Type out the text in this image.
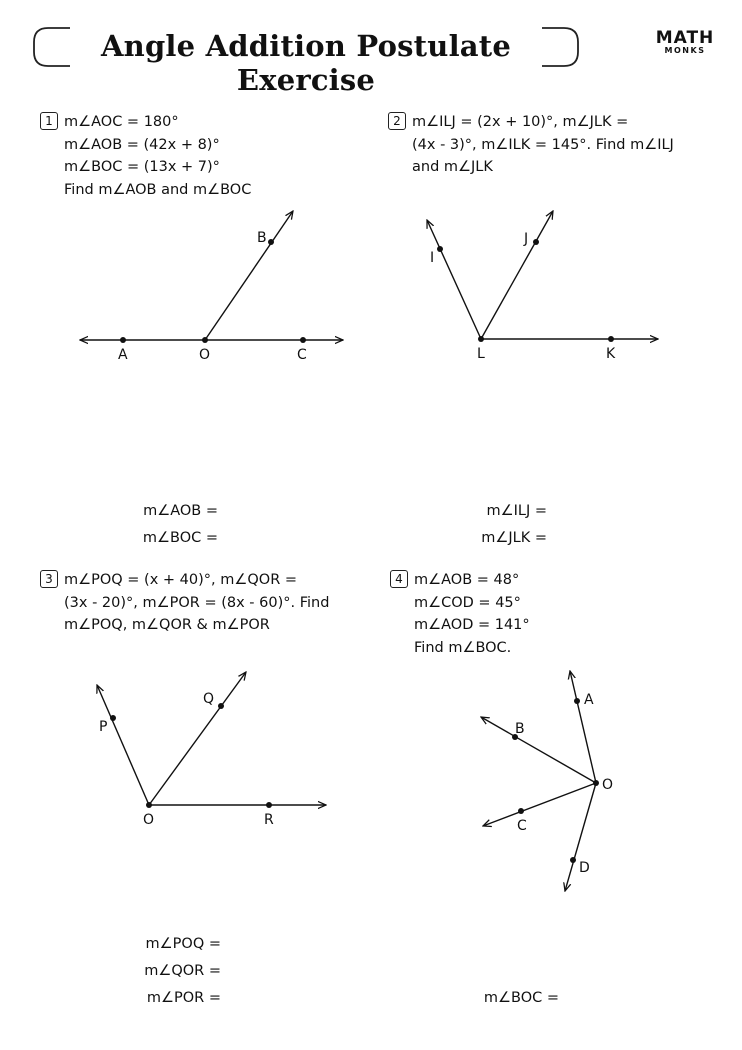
Angle Addition Postulate Exercise
MATH
MONKS
1 m∠AOC = 180°
m∠AOB = (42x + 8)°
m∠BOC = (13x + 7)°
Find m∠AOB and m∠BOC
2 m∠ILJ = (2x + 10)°, m∠JLK =
(4x - 3)°, m∠ILK = 145°. Find m∠ILJ
and m∠JLK
3 m∠POQ = (x + 40)°, m∠QOR =
(3x - 20)°, m∠POR = (8x - 60)°. Find
m∠POQ, m∠QOR & m∠POR
4 m∠AOB = 48°
m∠COD = 45°
m∠AOD = 141°
Find m∠BOC.
m∠AOB =
m∠BOC =
m∠ILJ =
m∠JLK =
m∠POQ =
m∠QOR =
m∠POR =	m∠BOC =
A	O	C
B
L	K
I
J
O	R
P
Q
O
A
B
C
D
